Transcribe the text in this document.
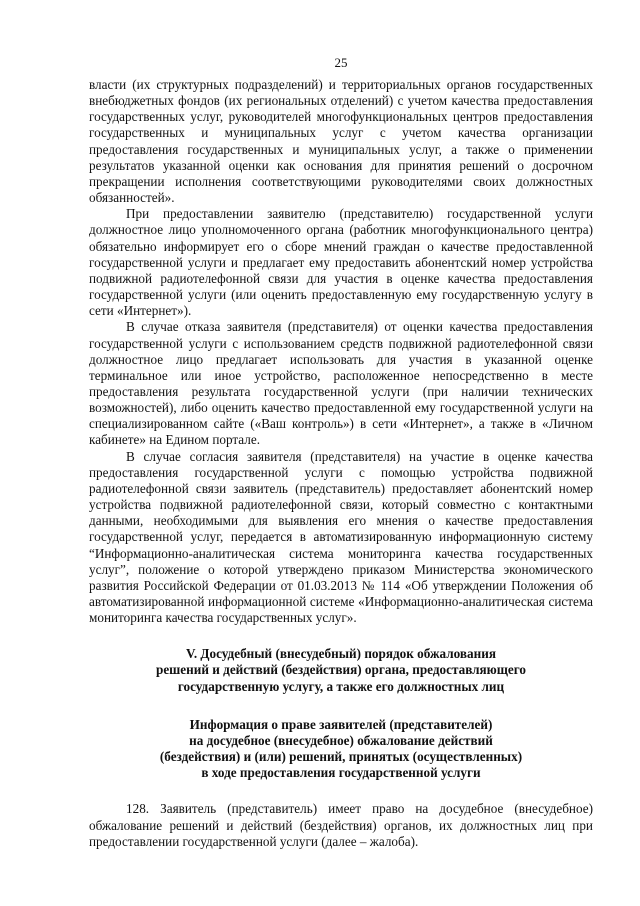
25

власти (их структурных подразделений) и территориальных органов государственных внебюджетных фондов (их региональных отделений) с учетом качества предоставления государственных услуг, руководителей многофункциональных центров предоставления государственных и муниципальных услуг с учетом качества организации предоставления государственных и муниципальных услуг, а также о применении результатов указанной оценки как основания для принятия решений о досрочном прекращении исполнения соответствующими руководителями своих должностных обязанностей».

При предоставлении заявителю (представителю) государственной услуги должностное лицо уполномоченного органа (работник многофункционального центра) обязательно информирует его о сборе мнений граждан о качестве предоставленной государственной услуги и предлагает ему предоставить абонентский номер устройства подвижной радиотелефонной связи для участия в оценке качества предоставления государственной услуги (или оценить предоставленную ему государственную услугу в сети «Интернет»).

В случае отказа заявителя (представителя) от оценки качества предоставления государственной услуги с использованием средств подвижной радиотелефонной связи должностное лицо предлагает использовать для участия в указанной оценке терминальное или иное устройство, расположенное непосредственно в месте предоставления результата государственной услуги (при наличии технических возможностей), либо оценить качество предоставленной ему государственной услуги на специализированном сайте («Ваш контроль») в сети «Интернет», а также в «Личном кабинете» на Едином портале.

В случае согласия заявителя (представителя) на участие в оценке качества предоставления государственной услуги с помощью устройства подвижной радиотелефонной связи заявитель (представитель) предоставляет абонентский номер устройства подвижной радиотелефонной связи, который совместно с контактными данными, необходимыми для выявления его мнения о качестве предоставления государственной услуг, передается в автоматизированную информационную систему “Информационно-аналитическая система мониторинга качества государственных услуг”, положение о которой утверждено приказом Министерства экономического развития Российской Федерации от 01.03.2013 № 114 «Об утверждении Положения об автоматизированной информационной системе «Информационно-аналитическая система мониторинга качества государственных услуг».

V. Досудебный (внесудебный) порядок обжалования
решений и действий (бездействия) органа, предоставляющего
государственную услугу, а также его должностных лиц
Информация о праве заявителей (представителей)
на досудебное (внесудебное) обжалование действий
(бездействия) и (или) решений, принятых (осуществленных)
в ходе предоставления государственной услуги

128. Заявитель (представитель) имеет право на досудебное (внесудебное) обжалование решений и действий (бездействия) органов, их должностных лиц при предоставлении государственной услуги (далее – жалоба).
